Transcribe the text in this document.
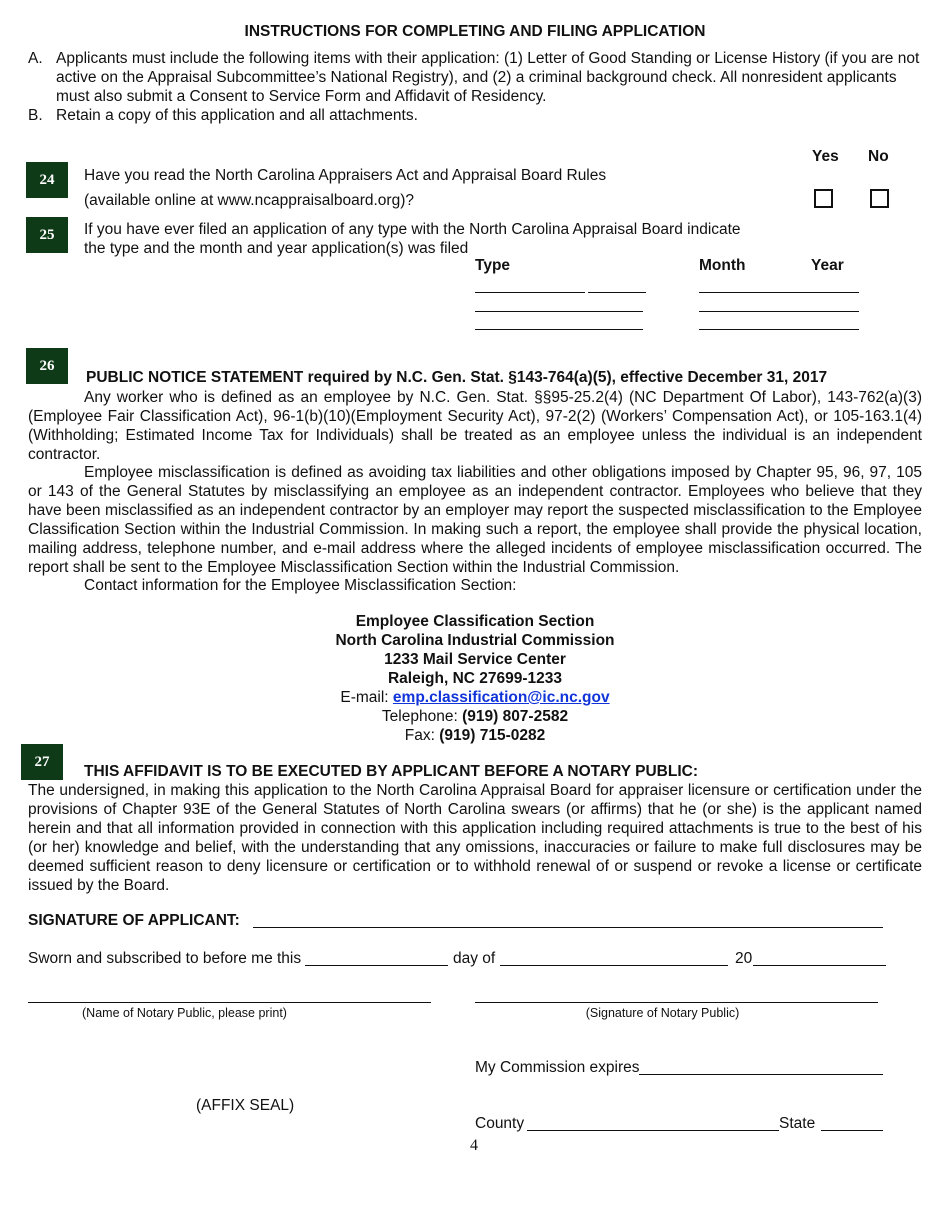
INSTRUCTIONS FOR COMPLETING AND FILING APPLICATION
A. Applicants must include the following items with their application: (1) Letter of Good Standing or License History (if you are not active on the Appraisal Subcommittee’s National Registry), and (2) a criminal background check. All nonresident applicants must also submit a Consent to Service Form and Affidavit of Residency.
B. Retain a copy of this application and all attachments.
Yes No
24	Have you read the North Carolina Appraisers Act and Appraisal Board Rules
(available online at www.ncappraisalboard.org)?
25	If you have ever filed an application of any type with the North Carolina Appraisal Board indicate the type and the month and year application(s) was filed
Type	Month	Year
26
PUBLIC NOTICE STATEMENT required by N.C. Gen. Stat. §143-764(a)(5), effective December 31, 2017
Any worker who is defined as an employee by N.C. Gen. Stat. §§95-25.2(4) (NC Department Of Labor), 143-762(a)(3) (Employee Fair Classification Act), 96-1(b)(10)(Employment Security Act), 97-2(2) (Workers’ Compensation Act), or 105-163.1(4) (Withholding; Estimated Income Tax for Individuals) shall be treated as an employee unless the individual is an independent contractor.
Employee misclassification is defined as avoiding tax liabilities and other obligations imposed by Chapter 95, 96, 97, 105 or 143 of the General Statutes by misclassifying an employee as an independent contractor. Employees who believe that they have been misclassified as an independent contractor by an employer may report the suspected misclassification to the Employee Classification Section within the Industrial Commission. In making such a report, the employee shall provide the physical location, mailing address, telephone number, and e-mail address where the alleged incidents of employee misclassification occurred. The report shall be sent to the Employee Misclassification Section within the Industrial Commission.
Contact information for the Employee Misclassification Section:
Employee Classification Section
North Carolina Industrial Commission
1233 Mail Service Center
Raleigh, NC 27699-1233
E-mail: emp.classification@ic.nc.gov
Telephone: (919) 807-2582
Fax: (919) 715-0282
27
THIS AFFIDAVIT IS TO BE EXECUTED BY APPLICANT BEFORE A NOTARY PUBLIC:
The undersigned, in making this application to the North Carolina Appraisal Board for appraiser licensure or certification under the provisions of Chapter 93E of the General Statutes of North Carolina swears (or affirms) that he (or she) is the applicant named herein and that all information provided in connection with this application including required attachments is true to the best of his (or her) knowledge and belief, with the understanding that any omissions, inaccuracies or failure to make full disclosures may be deemed sufficient reason to deny licensure or certification or to withhold renewal of or suspend or revoke a license or certificate issued by the Board.
SIGNATURE OF APPLICANT:
Sworn and subscribed to before me this	day of	20
(Name of Notary Public, please print)	(Signature of Notary Public)
My Commission expires
(AFFIX SEAL)
County	State
4
